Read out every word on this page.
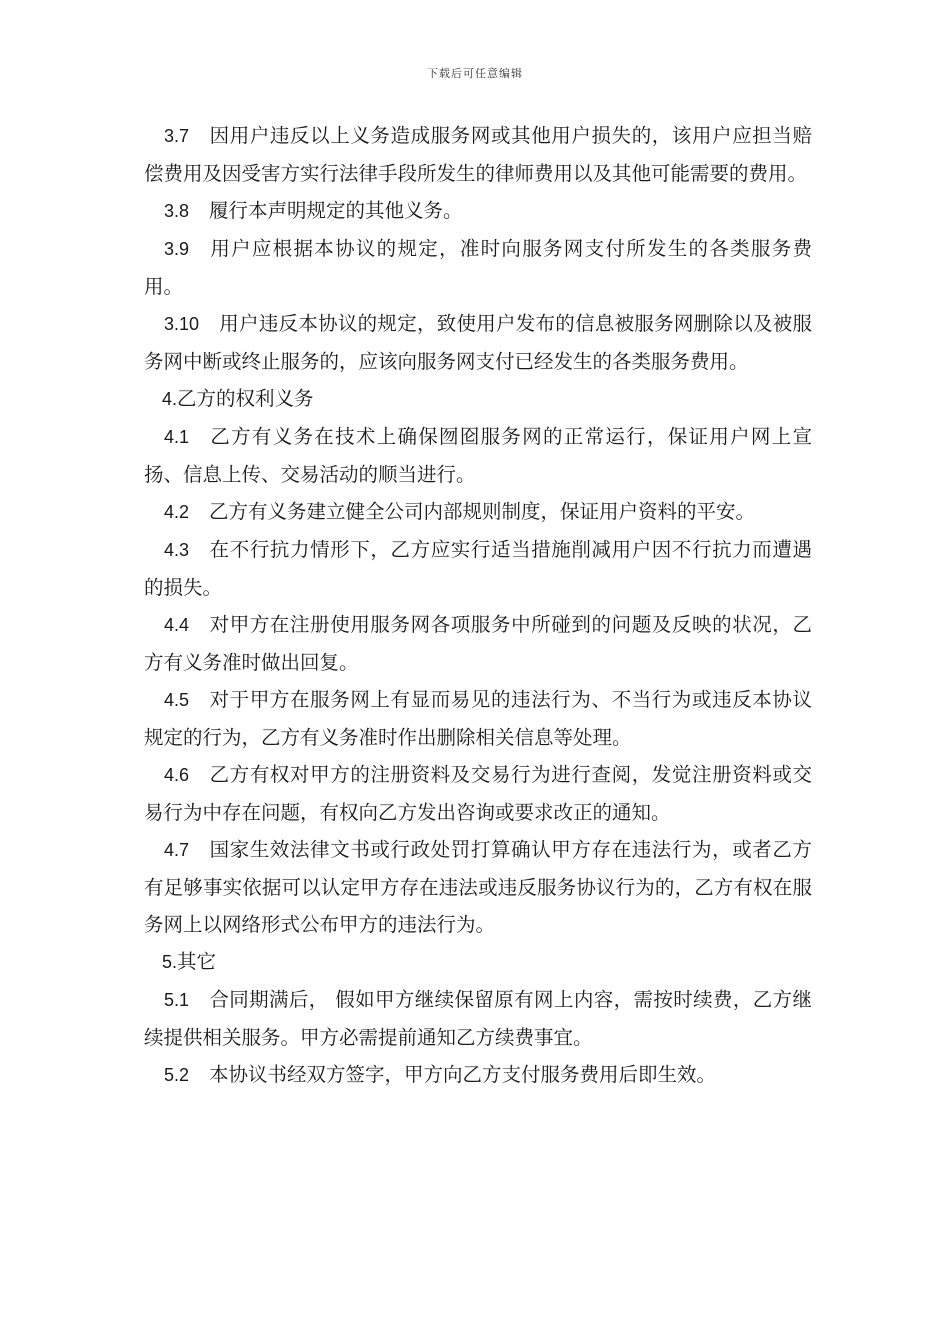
下载后可任意编辑

3.7 因用户违反以上义务造成服务网或其他用户损失的，该用户应担当赔偿费用及因受害方实行法律手段所发生的律师费用以及其他可能需要的费用。

3.8 履行本声明规定的其他义务。

3.9 用户应根据本协议的规定，准时向服务网支付所发生的各类服务费用。

3.10 用户违反本协议的规定，致使用户发布的信息被服务网删除以及被服务网中断或终止服务的，应该向服务网支付已经发生的各类服务费用。

4.乙方的权利义务

4.1 乙方有义务在技术上确保囫囵服务网的正常运行，保证用户网上宣扬、信息上传、交易活动的顺当进行。

4.2 乙方有义务建立健全公司内部规则制度，保证用户资料的平安。

4.3 在不行抗力情形下，乙方应实行适当措施削减用户因不行抗力而遭遇的损失。

4.4 对甲方在注册使用服务网各项服务中所碰到的问题及反映的状况，乙方有义务准时做出回复。

4.5 对于甲方在服务网上有显而易见的违法行为、不当行为或违反本协议规定的行为，乙方有义务准时作出删除相关信息等处理。

4.6 乙方有权对甲方的注册资料及交易行为进行查阅，发觉注册资料或交易行为中存在问题，有权向乙方发出咨询或要求改正的通知。

4.7 国家生效法律文书或行政处罚打算确认甲方存在违法行为，或者乙方有足够事实依据可以认定甲方存在违法或违反服务协议行为的，乙方有权在服务网上以网络形式公布甲方的违法行为。

5.其它

5.1 合同期满后， 假如甲方继续保留原有网上内容，需按时续费，乙方继续提供相关服务。甲方必需提前通知乙方续费事宜。

5.2 本协议书经双方签字，甲方向乙方支付服务费用后即生效。
